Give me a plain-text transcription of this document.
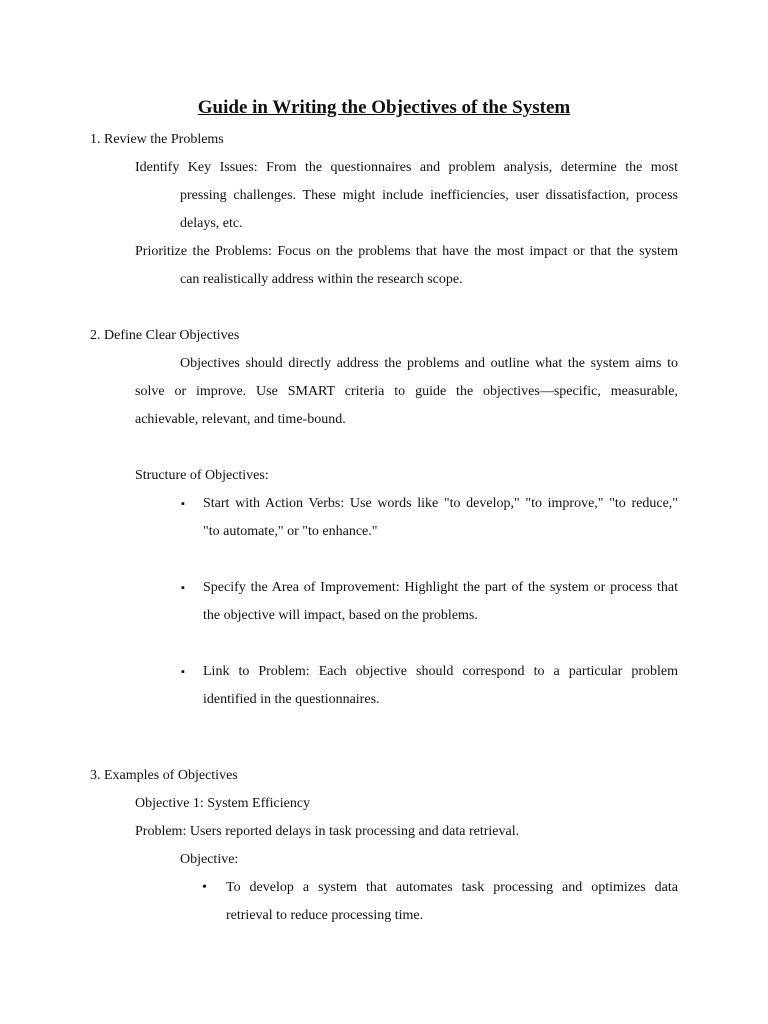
Guide in Writing the Objectives of the System
1. Review the Problems
Identify Key Issues: From the questionnaires and problem analysis, determine the most
pressing challenges. These might include inefficiencies, user dissatisfaction, process
delays, etc.
Prioritize the Problems: Focus on the problems that have the most impact or that the system
can realistically address within the research scope.
2. Define Clear Objectives
Objectives should directly address the problems and outline what the system aims to
solve or improve. Use SMART criteria to guide the objectives—specific, measurable,
achievable, relevant, and time-bound.
Structure of Objectives:
▪ Start with Action Verbs: Use words like "to develop," "to improve," "to reduce,"
"to automate," or "to enhance."
▪ Specify the Area of Improvement: Highlight the part of the system or process that
the objective will impact, based on the problems.
▪ Link to Problem: Each objective should correspond to a particular problem
identified in the questionnaires.
3. Examples of Objectives
Objective 1: System Efficiency
Problem: Users reported delays in task processing and data retrieval.
Objective:
• To develop a system that automates task processing and optimizes data
retrieval to reduce processing time.
